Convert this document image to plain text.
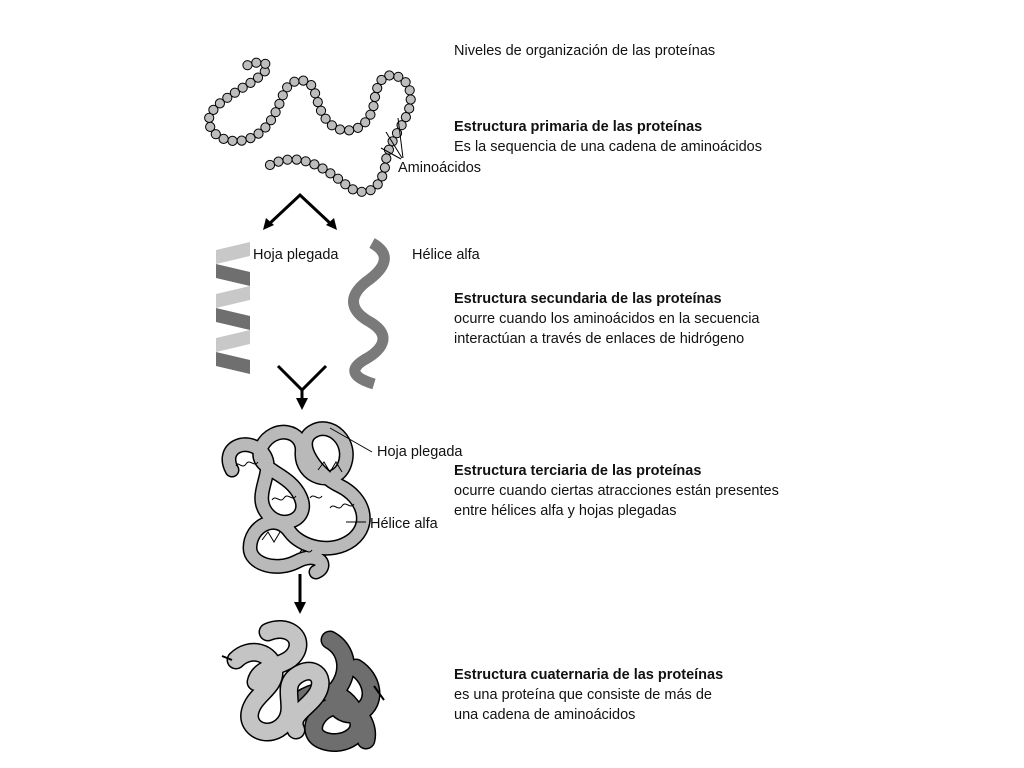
Niveles de organización de las proteínas
Estructura primaria de las proteínas
Es la sequencia de una cadena de aminoácidos
Aminoácidos
Hoja plegada	Hélice alfa
Estructura secundaria de las proteínas
ocurre cuando los aminoácidos en la secuencia
interactúan a través de enlaces de hidrógeno
Hoja plegada
Hélice alfa
Estructura terciaria de las proteínas
ocurre cuando ciertas atracciones están presentes
entre hélices alfa y hojas plegadas
Estructura cuaternaria de las proteínas
es una proteína que consiste de más de
una cadena de aminoácidos
